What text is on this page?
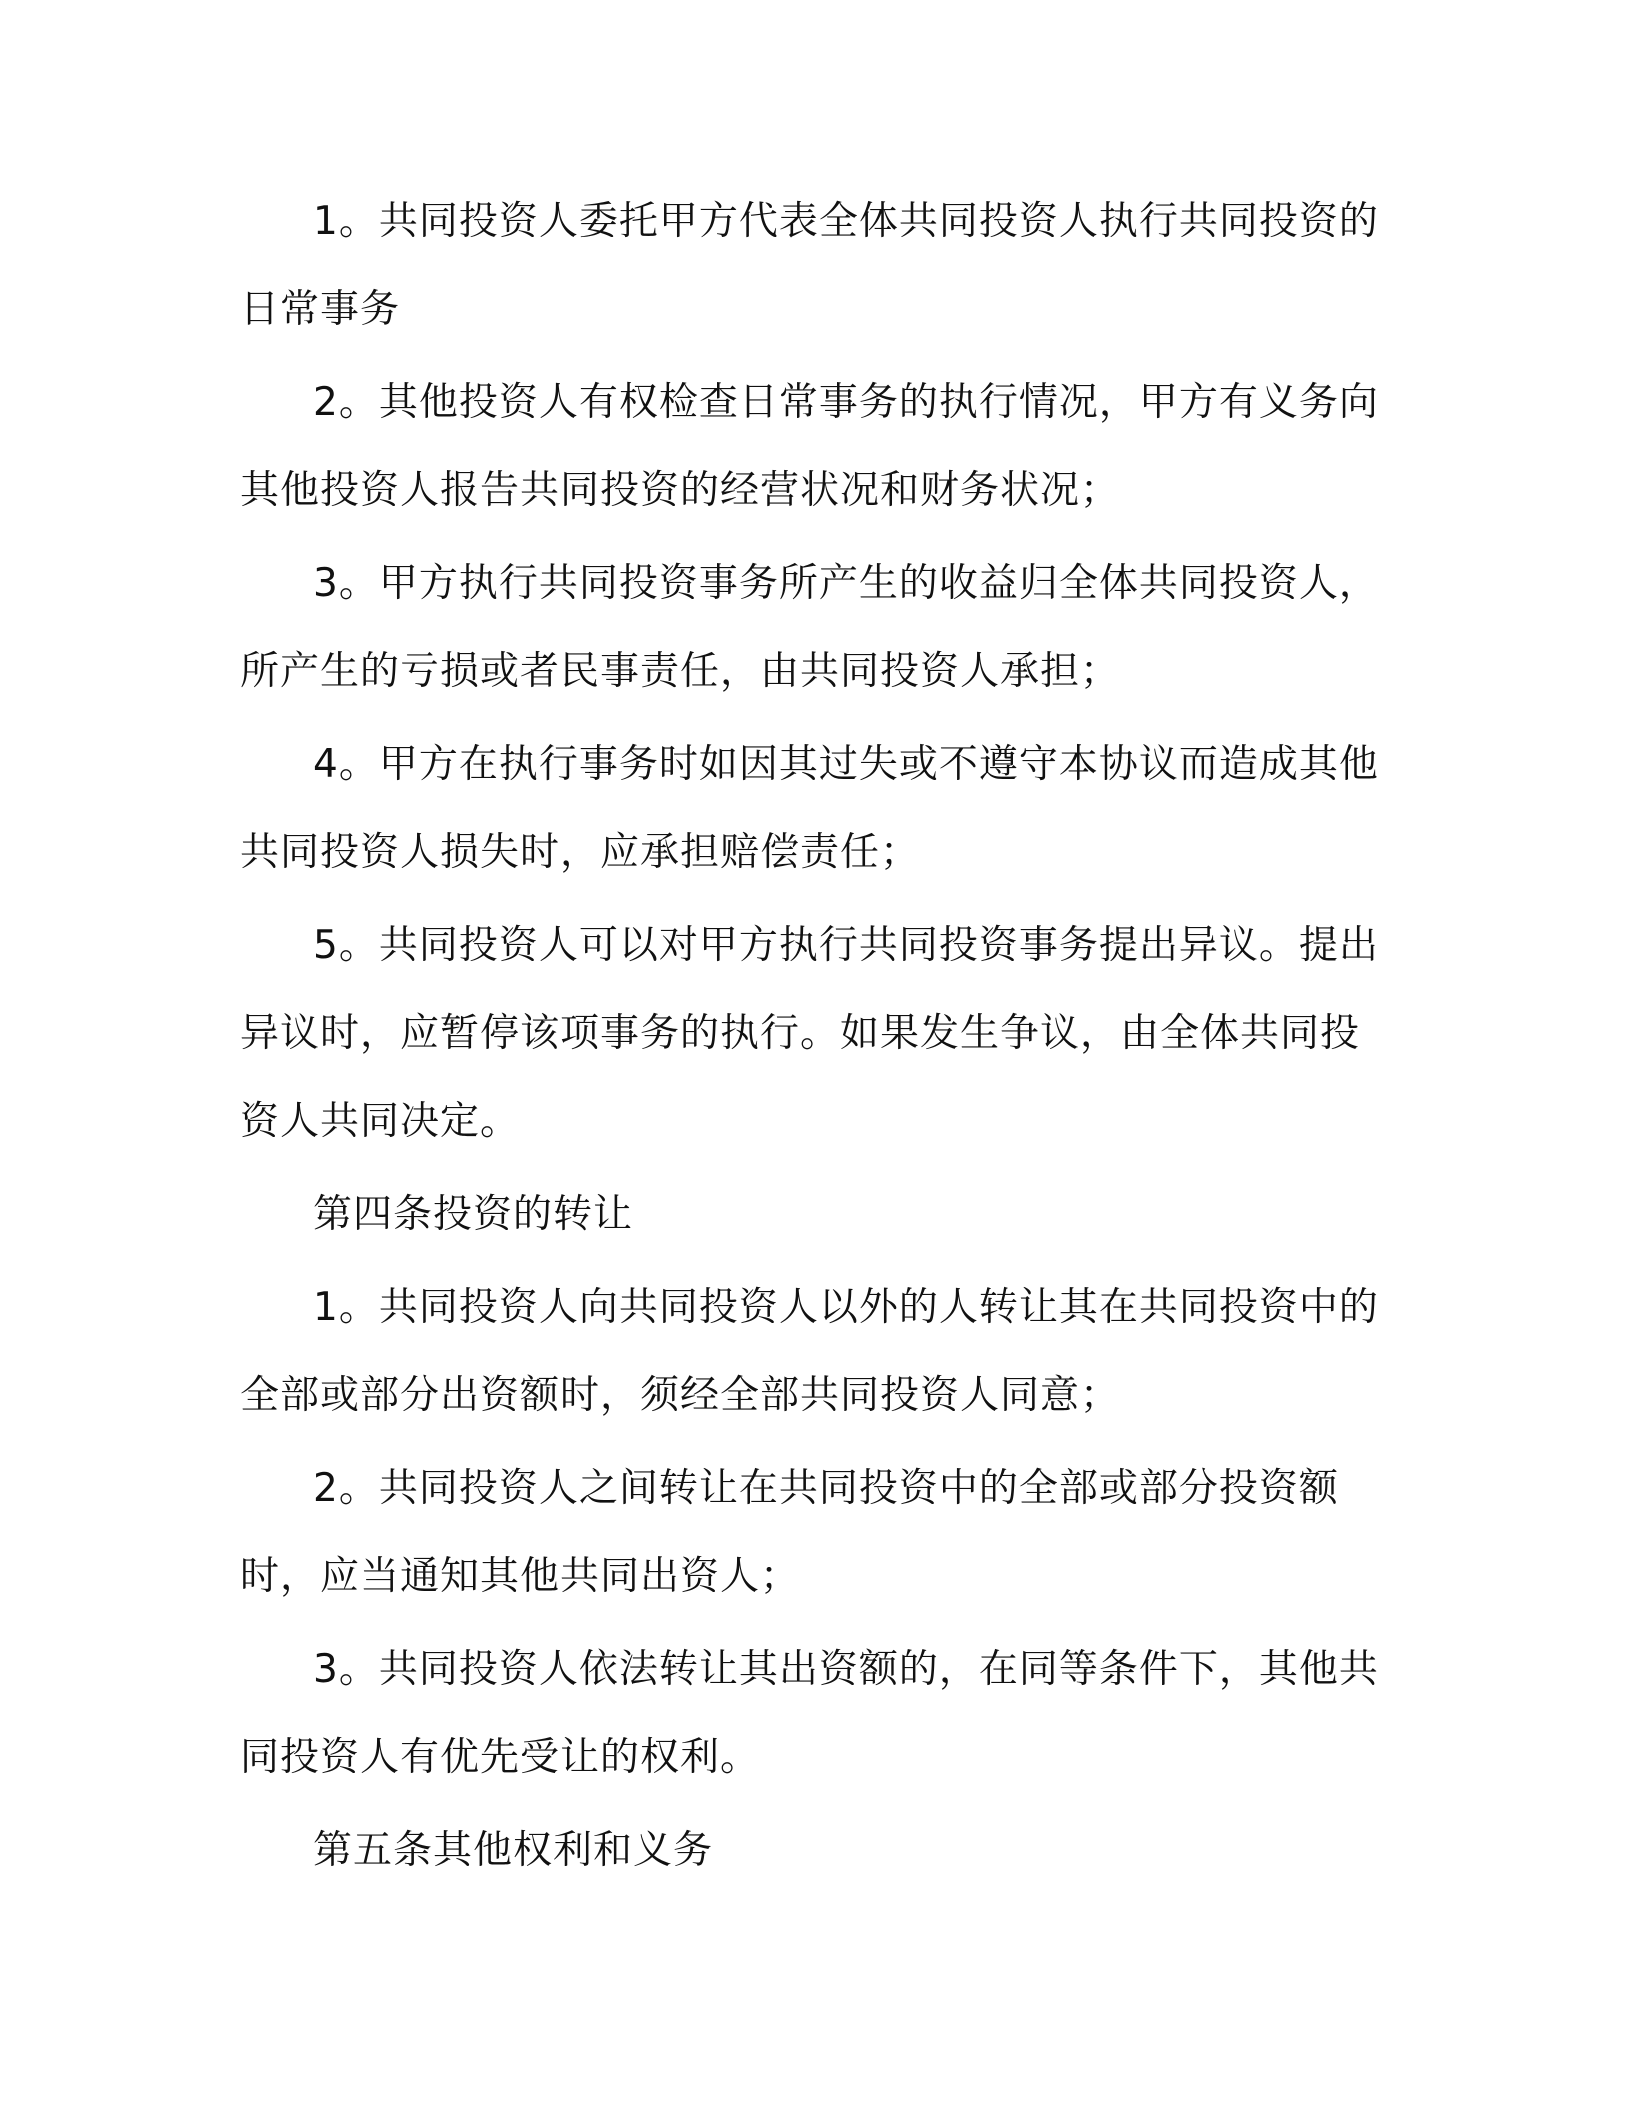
1。共同投资人委托甲方代表全体共同投资人执行共同投资的日常事务

2。其他投资人有权检查日常事务的执行情况，甲方有义务向其他投资人报告共同投资的经营状况和财务状况；

3。甲方执行共同投资事务所产生的收益归全体共同投资人，所产生的亏损或者民事责任，由共同投资人承担；

4。甲方在执行事务时如因其过失或不遵守本协议而造成其他共同投资人损失时，应承担赔偿责任；

5。共同投资人可以对甲方执行共同投资事务提出异议。提出异议时，应暂停该项事务的执行。如果发生争议，由全体共同投资人共同决定。

第四条投资的转让

1。共同投资人向共同投资人以外的人转让其在共同投资中的全部或部分出资额时，须经全部共同投资人同意；

2。共同投资人之间转让在共同投资中的全部或部分投资额时，应当通知其他共同出资人；

3。共同投资人依法转让其出资额的，在同等条件下，其他共同投资人有优先受让的权利。

第五条其他权利和义务
